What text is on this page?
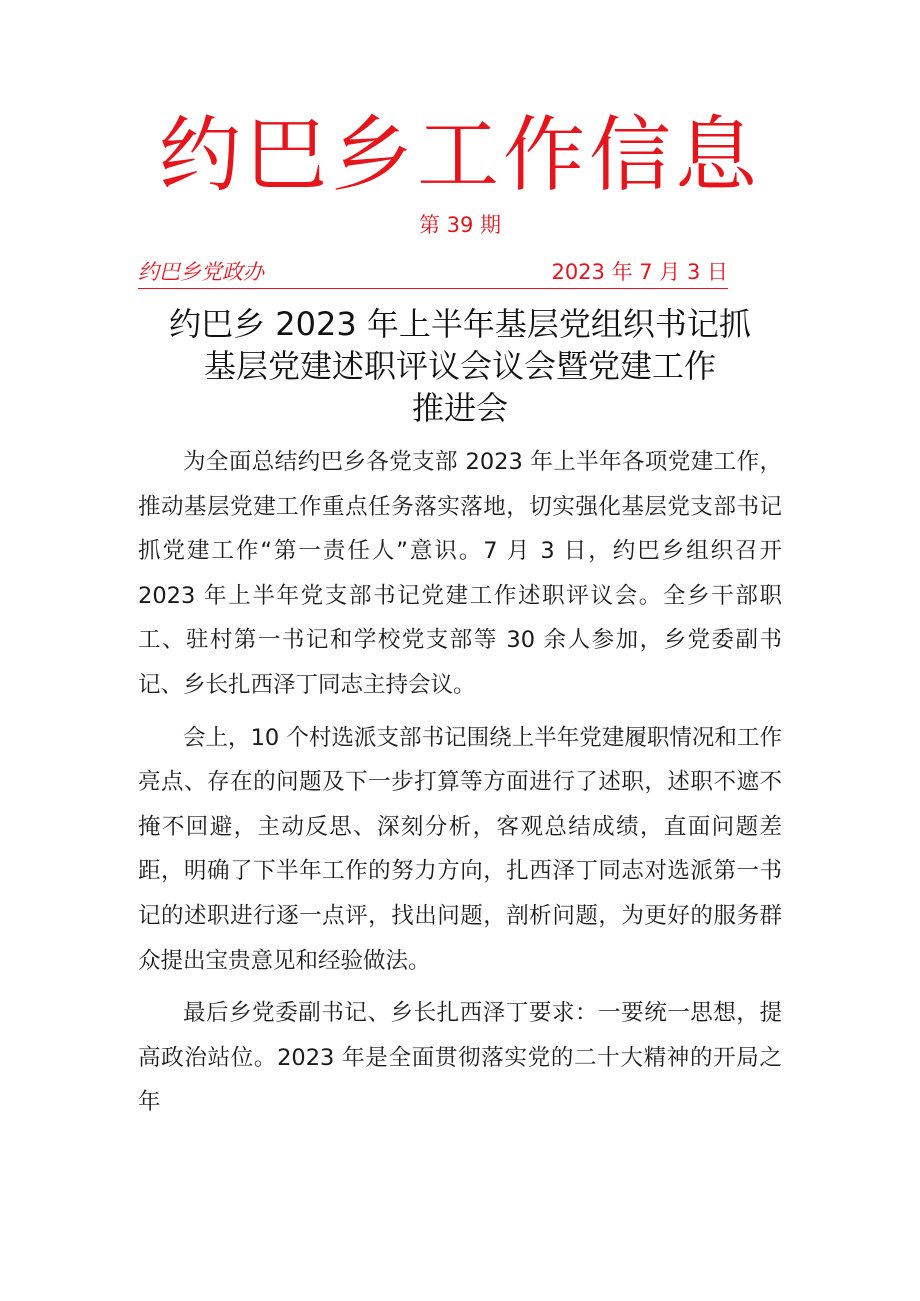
约巴乡工作信息
第 39 期
约巴乡党政办	2023 年 7 月 3 日
约巴乡 2023 年上半年基层党组织书记抓
基层党建述职评议会议会暨党建工作
推进会

为全面总结约巴乡各党支部 2023 年上半年各项党建工作，推动基层党建工作重点任务落实落地，切实强化基层党支部书记抓党建工作“第一责任人”意识。7 月 3 日，约巴乡组织召开 2023 年上半年党支部书记党建工作述职评议会。全乡干部职工、驻村第一书记和学校党支部等 30 余人参加，乡党委副书记、乡长扎西泽丁同志主持会议。

会上，10 个村选派支部书记围绕上半年党建履职情况和工作亮点、存在的问题及下一步打算等方面进行了述职，述职不遮不掩不回避，主动反思、深刻分析，客观总结成绩，直面问题差距，明确了下半年工作的努力方向，扎西泽丁同志对选派第一书记的述职进行逐一点评，找出问题，剖析问题，为更好的服务群众提出宝贵意见和经验做法。

最后乡党委副书记、乡长扎西泽丁要求：一要统一思想，提高政治站位。2023 年是全面贯彻落实党的二十大精神的开局之年
